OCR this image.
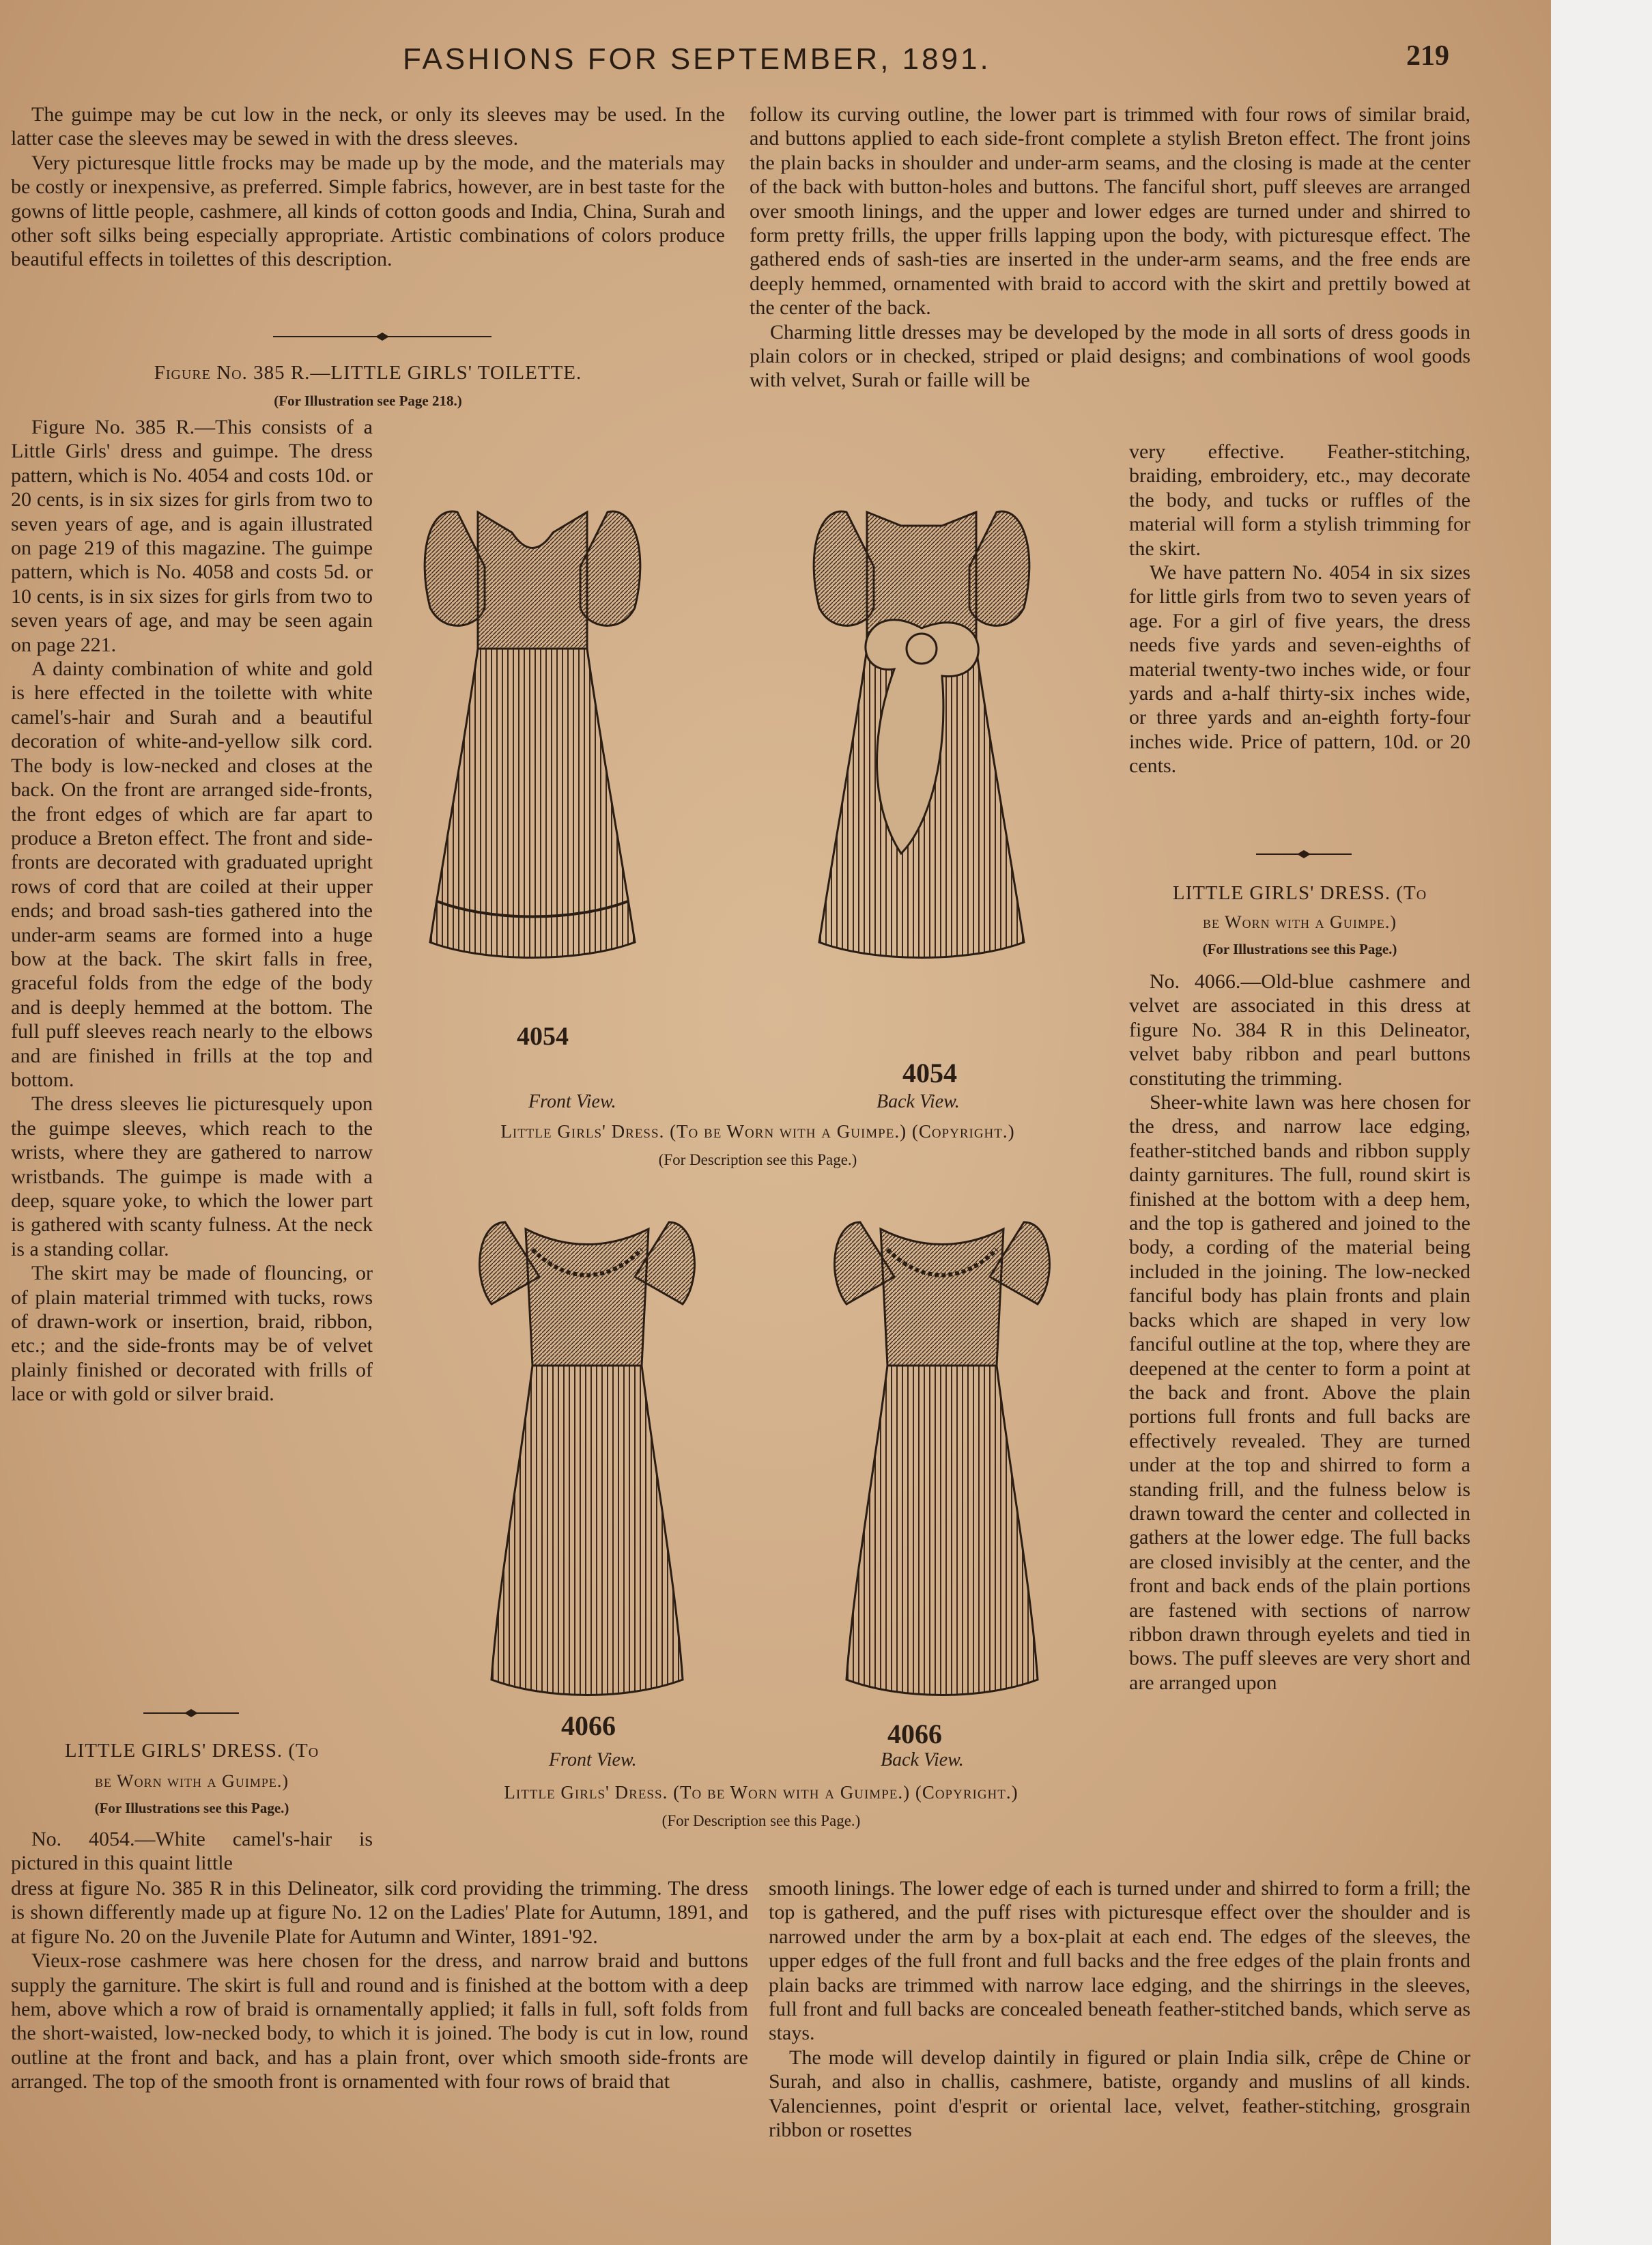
FASHIONS FOR SEPTEMBER, 1891.	219

The guimpe may be cut low in the neck, or only its sleeves may be used. In the latter case the sleeves may be sewed in with the dress sleeves.

Very picturesque little frocks may be made up by the mode, and the materials may be costly or inexpensive, as preferred. Simple fabrics, however, are in best taste for the gowns of little people, cashmere, all kinds of cotton goods and India, China, Surah and other soft silks being especially appropriate. Artistic combinations of colors produce beautiful effects in toilettes of this description.

Figure No. 385 R.—LITTLE GIRLS' TOILETTE.
(For Illustration see Page 218.)

Figure No. 385 R.—This consists of a Little Girls' dress and guimpe. The dress pattern, which is No. 4054 and costs 10d. or 20 cents, is in six sizes for girls from two to seven years of age, and is again illustrated on page 219 of this magazine. The guimpe pattern, which is No. 4058 and costs 5d. or 10 cents, is in six sizes for girls from two to seven years of age, and may be seen again on page 221.

A dainty combination of white and gold is here effected in the toilette with white camel's-hair and Surah and a beautiful decoration of white-and-yellow silk cord. The body is low-necked and closes at the back. On the front are arranged side-fronts, the front edges of which are far apart to produce a Breton effect. The front and side-fronts are decorated with graduated upright rows of cord that are coiled at their upper ends; and broad sash-ties gathered into the under-arm seams are formed into a huge bow at the back. The skirt falls in free, graceful folds from the edge of the body and is deeply hemmed at the bottom. The full puff sleeves reach nearly to the elbows and are finished in frills at the top and bottom.

The dress sleeves lie picturesquely upon the guimpe sleeves, which reach to the wrists, where they are gathered to narrow wristbands. The guimpe is made with a deep, square yoke, to which the lower part is gathered with scanty fulness. At the neck is a standing collar.

The skirt may be made of flouncing, or of plain material trimmed with tucks, rows of drawn-work or insertion, braid, ribbon, etc.; and the side-fronts may be of velvet plainly finished or decorated with frills of lace or with gold or silver braid.

LITTLE GIRLS' DRESS. (To
be Worn with a Guimpe.)
(For Illustrations see this Page.)

No. 4054.—White camel's-hair is pictured in this quaint little

dress at figure No. 385 R in this Delineator, silk cord providing the trimming. The dress is shown differently made up at figure No. 12 on the Ladies' Plate for Autumn, 1891, and at figure No. 20 on the Juvenile Plate for Autumn and Winter, 1891-'92.

Vieux-rose cashmere was here chosen for the dress, and narrow braid and buttons supply the garniture. The skirt is full and round and is finished at the bottom with a deep hem, above which a row of braid is ornamentally applied; it falls in full, soft folds from the short-waisted, low-necked body, to which it is joined. The body is cut in low, round outline at the front and back, and has a plain front, over which smooth side-fronts are arranged. The top of the smooth front is ornamented with four rows of braid that

follow its curving outline, the lower part is trimmed with four rows of similar braid, and buttons applied to each side-front complete a stylish Breton effect. The front joins the plain backs in shoulder and under-arm seams, and the closing is made at the center of the back with button-holes and buttons. The fanciful short, puff sleeves are arranged over smooth linings, and the upper and lower edges are turned under and shirred to form pretty frills, the upper frills lapping upon the body, with picturesque effect. The gathered ends of sash-ties are inserted in the under-arm seams, and the free ends are deeply hemmed, ornamented with braid to accord with the skirt and prettily bowed at the center of the back.

Charming little dresses may be developed by the mode in all sorts of dress goods in plain colors or in checked, striped or plaid designs; and combinations of wool goods with velvet, Surah or faille will be

very effective. Feather-stitching, braiding, embroidery, etc., may decorate the body, and tucks or ruffles of the material will form a stylish trimming for the skirt.

We have pattern No. 4054 in six sizes for little girls from two to seven years of age. For a girl of five years, the dress needs five yards and seven-eighths of material twenty-two inches wide, or four yards and a-half thirty-six inches wide, or three yards and an-eighth forty-four inches wide. Price of pattern, 10d. or 20 cents.

LITTLE GIRLS' DRESS. (To
be Worn with a Guimpe.)
(For Illustrations see this Page.)

No. 4066.—Old-blue cashmere and velvet are associated in this dress at figure No. 384 R in this Delineator, velvet baby ribbon and pearl buttons constituting the trimming.

Sheer-white lawn was here chosen for the dress, and narrow lace edging, feather-stitched bands and ribbon supply dainty garnitures. The full, round skirt is finished at the bottom with a deep hem, and the top is gathered and joined to the body, a cording of the material being included in the joining. The low-necked fanciful body has plain fronts and plain backs which are shaped in very low fanciful outline at the top, where they are deepened at the center to form a point at the back and front. Above the plain portions full fronts and full backs are effectively revealed. They are turned under at the top and shirred to form a standing frill, and the fulness below is drawn toward the center and collected in gathers at the lower edge. The full backs are closed invisibly at the center, and the front and back ends of the plain portions are fastened with sections of narrow ribbon drawn through eyelets and tied in bows. The puff sleeves are very short and are arranged upon

smooth linings. The lower edge of each is turned under and shirred to form a frill; the top is gathered, and the puff rises with picturesque effect over the shoulder and is narrowed under the arm by a box-plait at each end. The edges of the sleeves, the upper edges of the full front and full backs and the free edges of the plain fronts and plain backs are trimmed with narrow lace edging, and the shirrings in the sleeves, full front and full backs are concealed beneath feather-stitched bands, which serve as stays.

The mode will develop daintily in figured or plain India silk, crêpe de Chine or Surah, and also in challis, cashmere, batiste, organdy and muslins of all kinds. Valenciennes, point d'esprit or oriental lace, velvet, feather-stitching, grosgrain ribbon or rosettes

4054
4054
Front View.	Back View.
Little Girls' Dress. (To be Worn with a Guimpe.) (Copyright.)
(For Description see this Page.)
4066	4066
Front View.	Back View.
Little Girls' Dress. (To be Worn with a Guimpe.) (Copyright.)
(For Description see this Page.)
